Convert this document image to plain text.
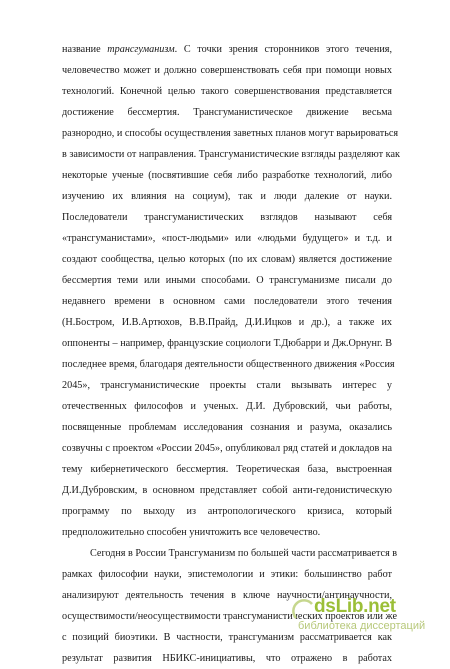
название трансгуманизм. С точки зрения сторонников этого течения,
человечество может и должно совершенствовать себя при помощи новых
технологий. Конечной целью такого совершенствования представляется
достижение бессмертия. Трансгуманистическое движение весьма
разнородно, и способы осуществления заветных планов могут варьироваться
в зависимости от направления. Трансгуманистические взгляды разделяют как
некоторые ученые (посвятившие себя либо разработке технологий, либо
изучению их влияния на социум), так и люди далекие от науки.
Последователи трансгуманистических взглядов называют себя
«трансгуманистами», «пост-людьми» или «людьми будущего» и т.д. и
создают сообщества, целью которых (по их словам) является достижение
бессмертия теми или иными способами. О трансгуманизме писали до
недавнего времени в основном сами последователи этого течения
(Н.Бостром, И.В.Артюхов, В.В.Прайд, Д.И.Ицков и др.), а также их
оппоненты – например, французские социологи Т.Дюбарри и Дж.Орнунг. В
последнее время, благодаря деятельности общественного движения «Россия
2045», трансгуманистические проекты стали вызывать интерес у
отечественных философов и ученых. Д.И. Дубровский, чьи работы,
посвященные проблемам исследования сознания и разума, оказались
созвучны с проектом «России 2045», опубликовал ряд статей и докладов на
тему кибернетического бессмертия. Теоретическая база, выстроенная
Д.И.Дубровским, в основном представляет собой анти-гедонистическую
программу по выходу из антропологического кризиса, который
предположительно способен уничтожить все человечество.
Сегодня в России Трансгуманизм по большей части рассматривается в
рамках философии науки, эпистемологии и этики: большинство работ
анализируют деятельность течения в ключе научности/антинаучности,
осуществимости/неосуществимости трансгуманистических проектов или же
с позиций биоэтики. В частности, трансгуманизм рассматривается как
результат развития НБИКС-инициативы, что отражено в работах
dsLib.net
библиотека диссертаций
